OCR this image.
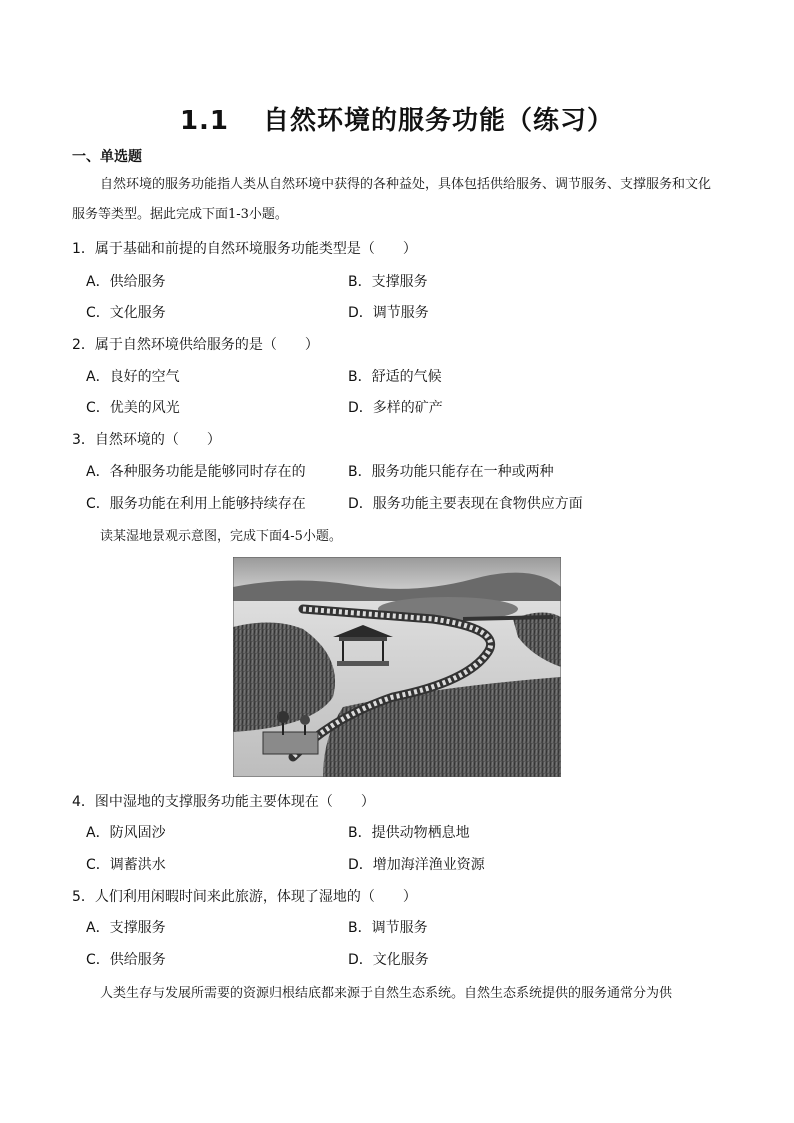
1.1 自然环境的服务功能（练习）

一、单选题

自然环境的服务功能指人类从自然环境中获得的各种益处，具体包括供给服务、调节服务、支撑服务和文化服务等类型。据此完成下面1-3小题。

1．属于基础和前提的自然环境服务功能类型是（　　）

A．供给服务	B．支撑服务

C．文化服务	D．调节服务

2．属于自然环境供给服务的是（　　）

A．良好的空气	B．舒适的气候

C．优美的风光	D．多样的矿产

3．自然环境的（　　）

A．各种服务功能是能够同时存在的	B．服务功能只能存在一种或两种

C．服务功能在利用上能够持续存在	D．服务功能主要表现在食物供应方面

读某湿地景观示意图，完成下面4-5小题。

4．图中湿地的支撑服务功能主要体现在（　　）

A．防风固沙	B．提供动物栖息地

C．调蓄洪水	D．增加海洋渔业资源

5．人们利用闲暇时间来此旅游，体现了湿地的（　　）

A．支撑服务	B．调节服务

C．供给服务	D．文化服务

人类生存与发展所需要的资源归根结底都来源于自然生态系统。自然生态系统提供的服务通常分为供
